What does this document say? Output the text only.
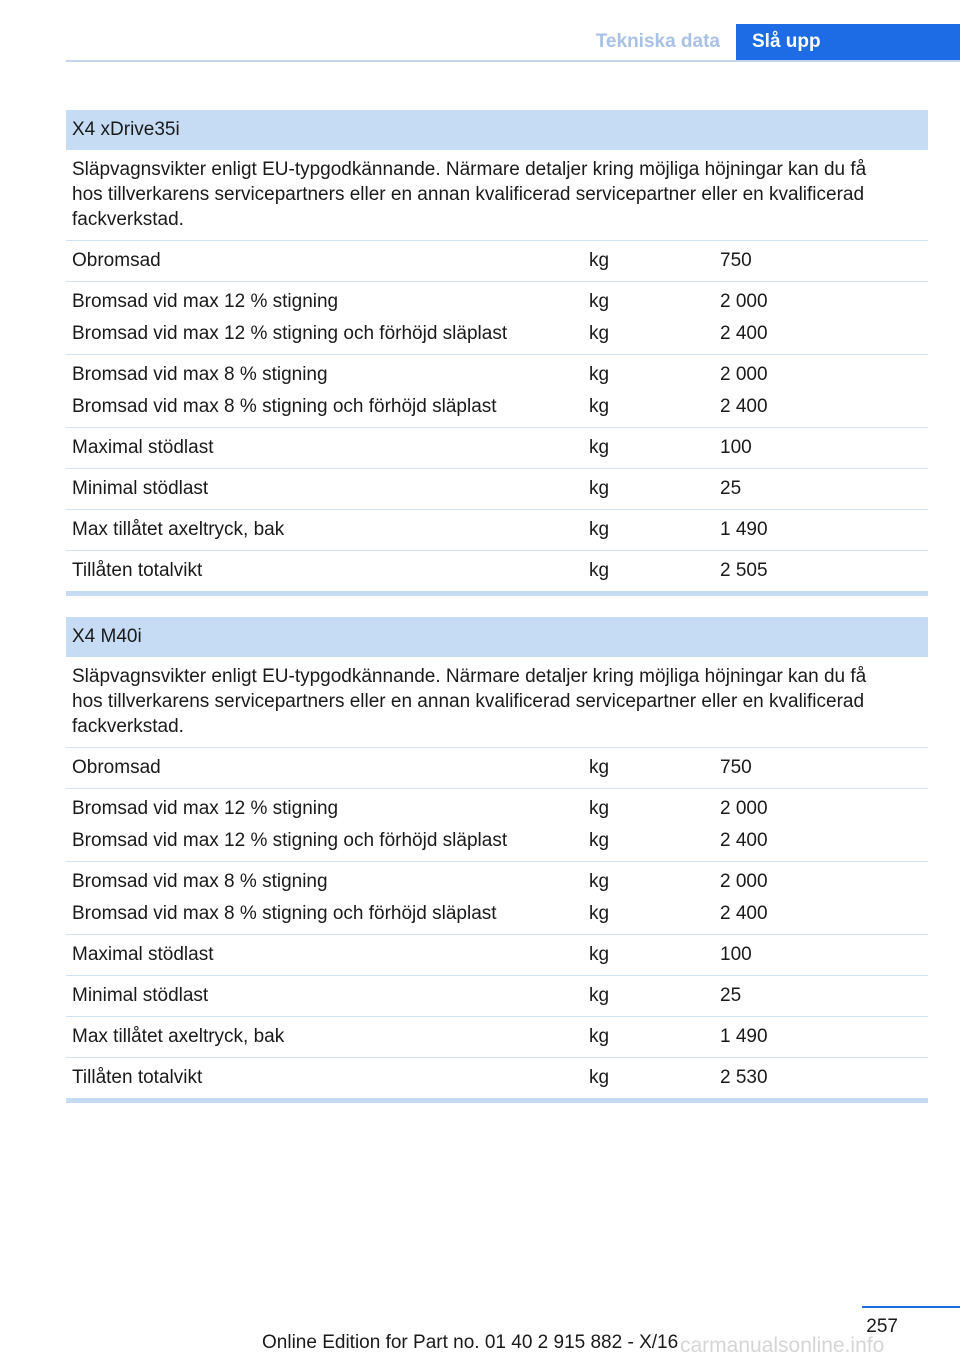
Tekniska data	Slå upp
X4 xDrive35i
Släpvagnsvikter enligt EU-typgodkännande. Närmare detaljer kring möjliga höjningar kan du få hos tillverkarens servicepartners eller en annan kvalificerad servicepartner eller en kvalificerad fackverkstad.
Obromsad	kg	750
Bromsad vid max 12 % stigning	kg	2 000
Bromsad vid max 12 % stigning och förhöjd släplast	kg	2 400
Bromsad vid max 8 % stigning	kg	2 000
Bromsad vid max 8 % stigning och förhöjd släplast	kg	2 400
Maximal stödlast	kg	100
Minimal stödlast	kg	25
Max tillåtet axeltryck, bak	kg	1 490
Tillåten totalvikt	kg	2 505
X4 M40i
Släpvagnsvikter enligt EU-typgodkännande. Närmare detaljer kring möjliga höjningar kan du få hos tillverkarens servicepartners eller en annan kvalificerad servicepartner eller en kvalificerad fackverkstad.
Obromsad	kg	750
Bromsad vid max 12 % stigning	kg	2 000
Bromsad vid max 12 % stigning och förhöjd släplast	kg	2 400
Bromsad vid max 8 % stigning	kg	2 000
Bromsad vid max 8 % stigning och förhöjd släplast	kg	2 400
Maximal stödlast	kg	100
Minimal stödlast	kg	25
Max tillåtet axeltryck, bak	kg	1 490
Tillåten totalvikt	kg	2 530
257
Online Edition for Part no. 01 40 2 915 882 - X/16 carmanualsonline.info
